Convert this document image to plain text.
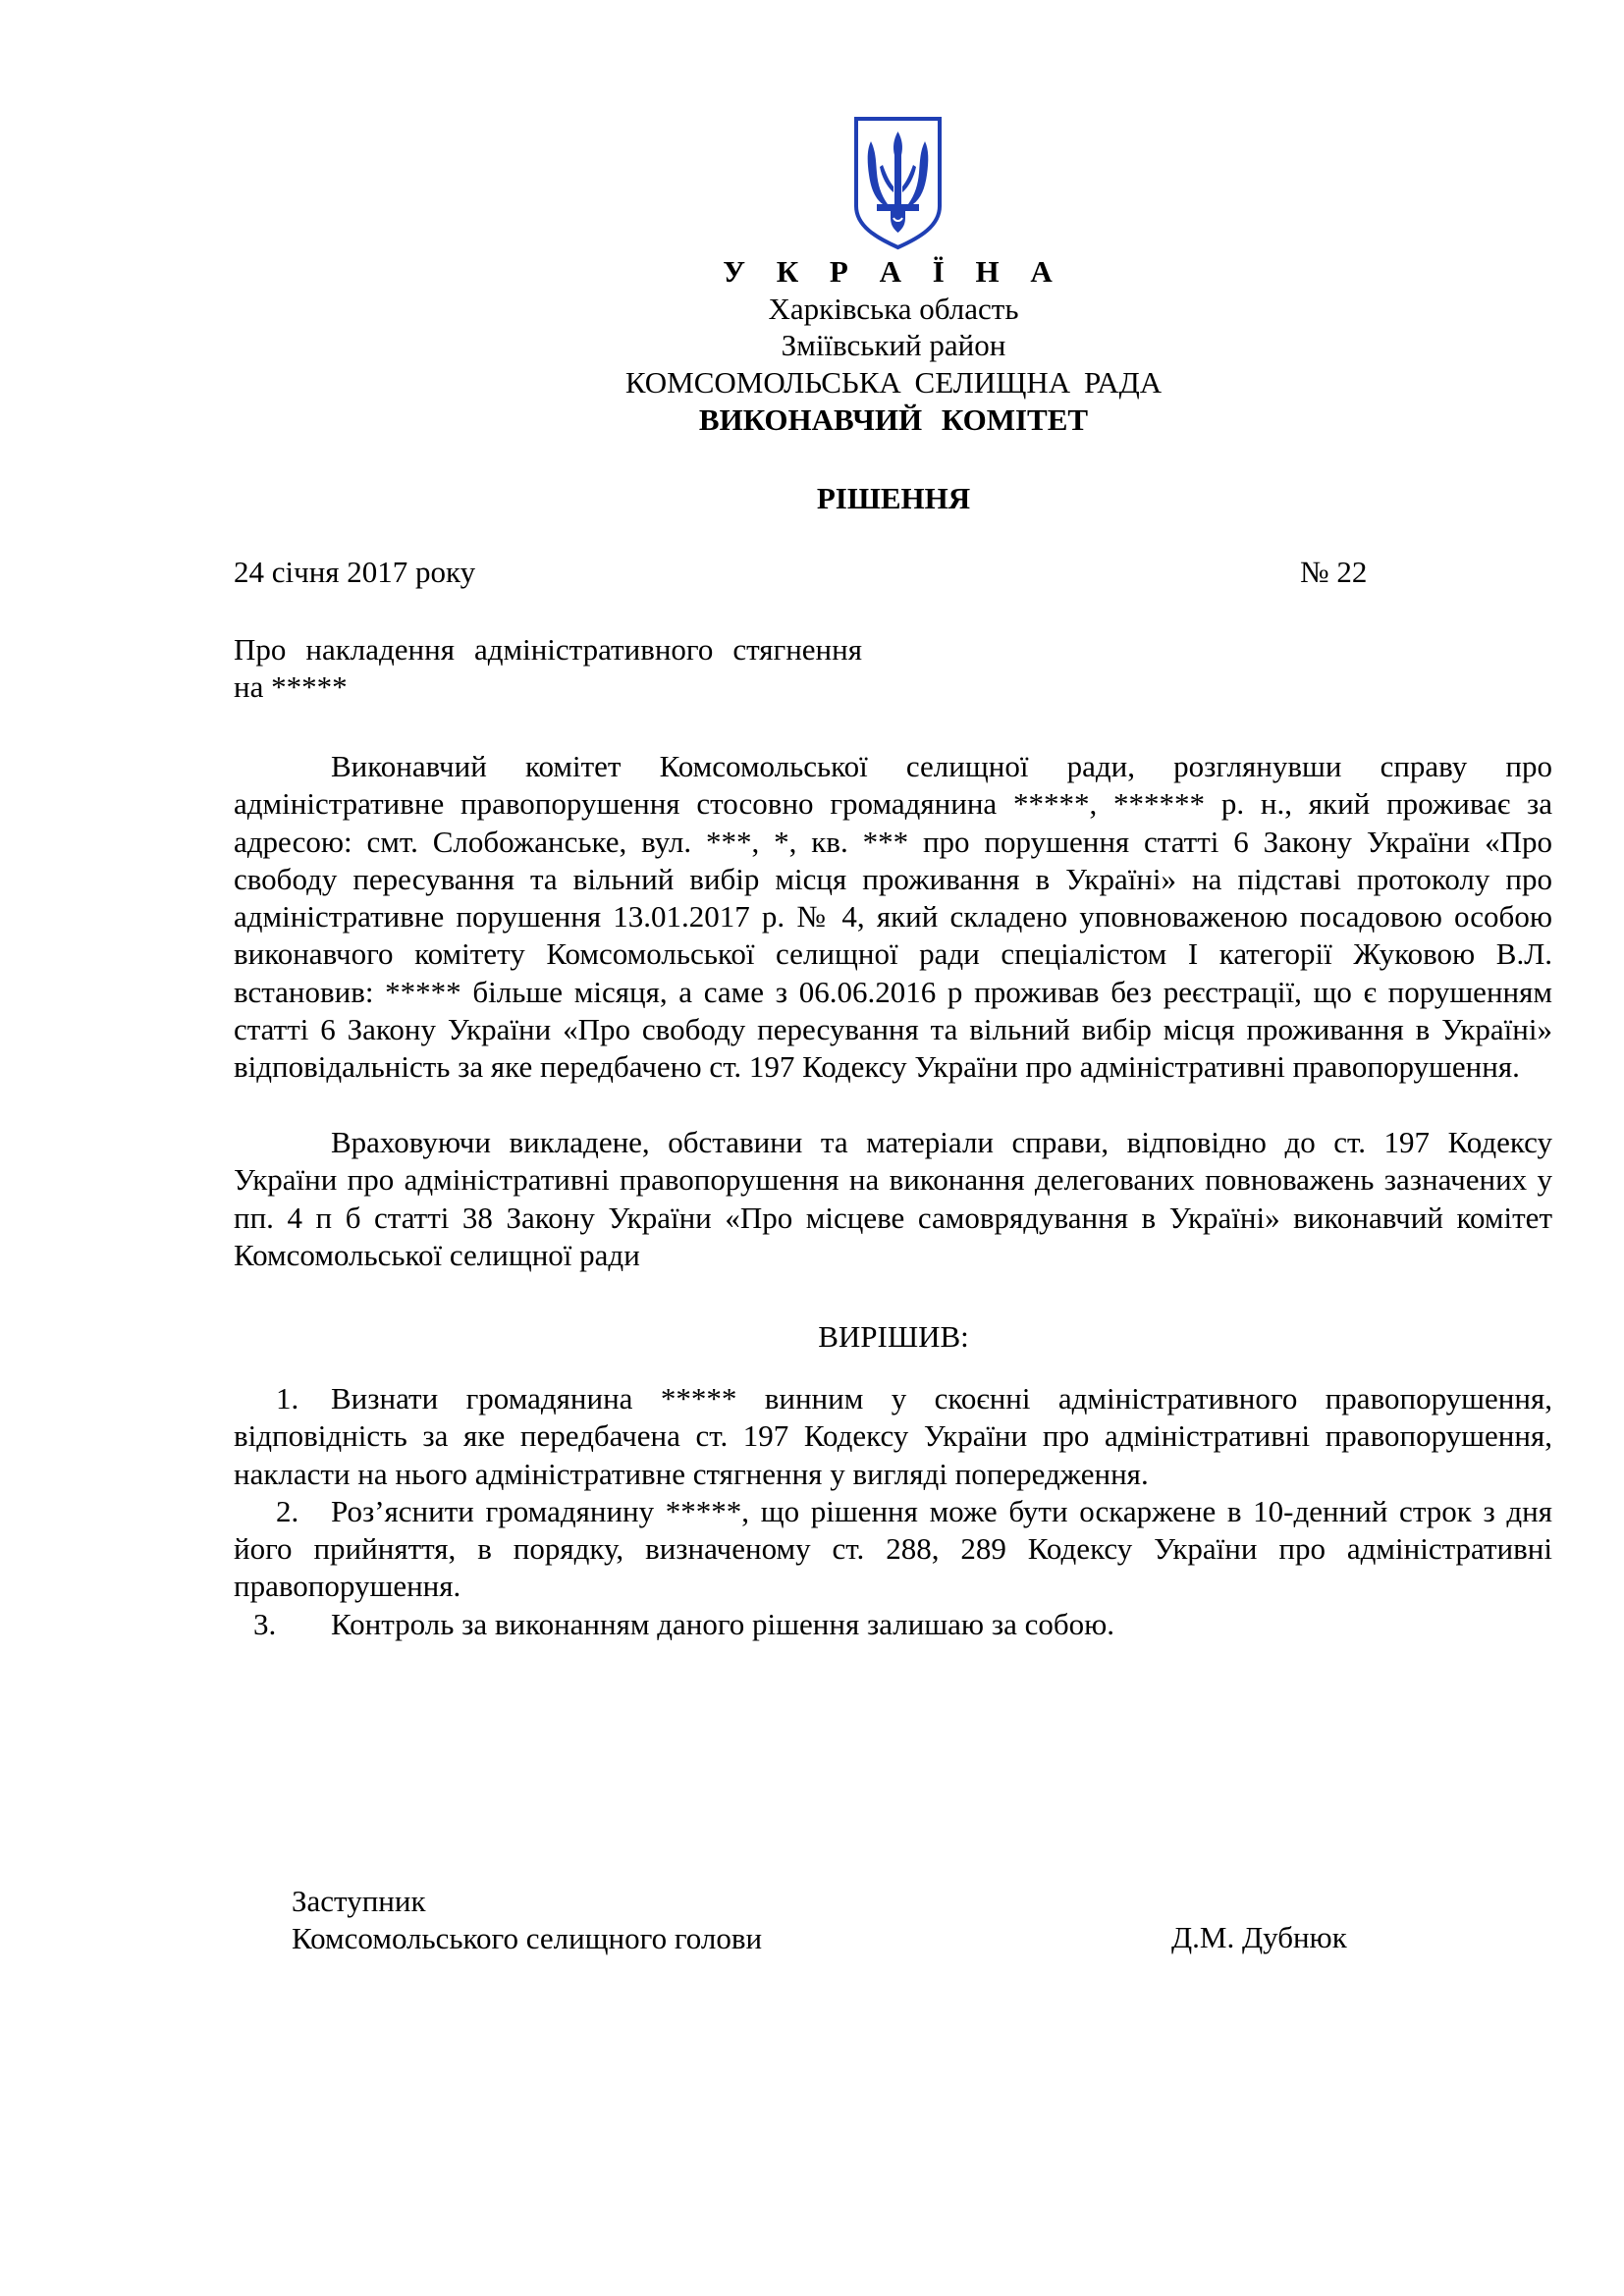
У К Р А Ї Н А
Харківська область
Зміївський район
КОМСОМОЛЬСЬКА СЕЛИЩНА РАДА
ВИКОНАВЧИЙ КОМІТЕТ
РІШЕННЯ
24 січня 2017 року	№ 22
Про накладення адміністративного стягнення на *****

Виконавчий комітет Комсомольської селищної ради, розглянувши справу про адміністративне правопорушення стосовно громадянина *****, ****** р. н., який проживає за адресою: смт. Слобожанське, вул. ***, *, кв. *** про порушення статті 6 Закону України «Про свободу пересування та вільний вибір місця проживання в Україні» на підставі протоколу про адміністративне порушення 13.01.2017 р. № 4, який складено уповноваженою посадовою особою виконавчого комітету Комсомольської селищної ради спеціалістом I категорії Жуковою В.Л. встановив: ***** більше місяця, а саме з 06.06.2016 р проживав без реєстрації, що є порушенням статті 6 Закону України «Про свободу пересування та вільний вибір місця проживання в Україні» відповідальність за яке передбачено ст. 197 Кодексу України про адміністративні правопорушення.

Враховуючи викладене, обставини та матеріали справи, відповідно до ст. 197 Кодексу України про адміністративні правопорушення на виконання делегованих повноважень зазначених у пп. 4 п б статті 38 Закону України «Про місцеве самоврядування в Україні» виконавчий комітет Комсомольської селищної ради

ВИРІШИВ:
1. Визнати громадянина ***** винним у скоєнні адміністративного правопорушення, відповідність за яке передбачена ст. 197 Кодексу України про адміністративні правопорушення, накласти на нього адміністративне стягнення у вигляді попередження.
2. Роз’яснити громадянину *****, що рішення може бути оскаржене в 10-денний строк з дня його прийняття, в порядку, визначеному ст. 288, 289 Кодексу України про адміністративні правопорушення.
3. Контроль за виконанням даного рішення залишаю за собою.
Заступник
Комсомольського селищного голови	Д.М. Дубнюк
